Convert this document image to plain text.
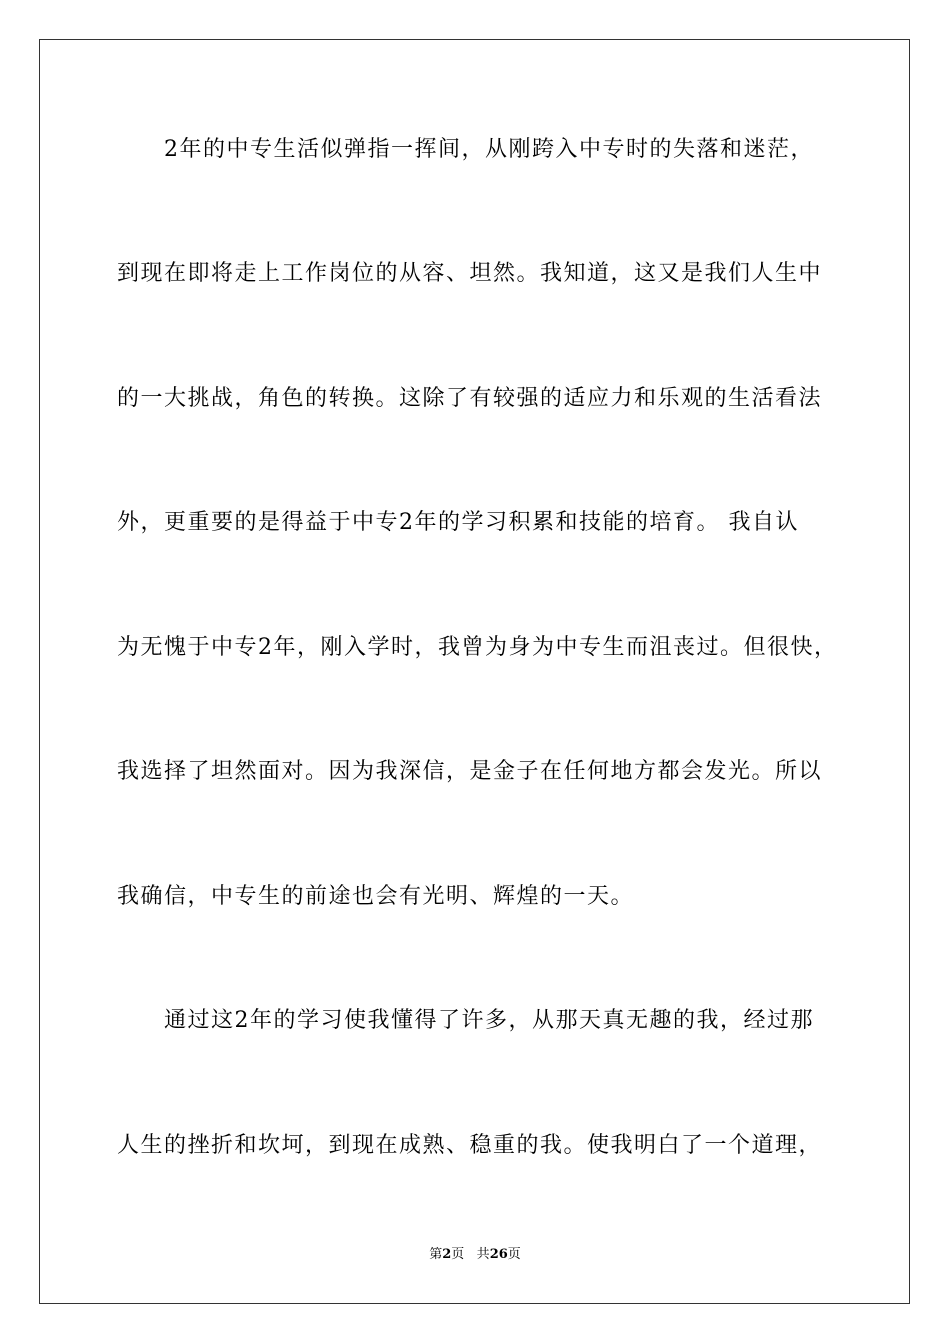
　　2年的中专生活似弹指一挥间，从刚跨入中专时的失落和迷茫，
到现在即将走上工作岗位的从容、坦然。我知道，这又是我们人生中
的一大挑战，角色的转换。这除了有较强的适应力和乐观的生活看法
外，更重要的是得益于中专2年的学习积累和技能的培育。 我自认
为无愧于中专2年，刚入学时，我曾为身为中专生而沮丧过。但很快，
我选择了坦然面对。因为我深信，是金子在任何地方都会发光。所以
我确信，中专生的前途也会有光明、辉煌的一天。
　　通过这2年的学习使我懂得了许多，从那天真无趣的我，经过那
人生的挫折和坎坷，到现在成熟、稳重的我。使我明白了一个道理，
第2页 共26页
